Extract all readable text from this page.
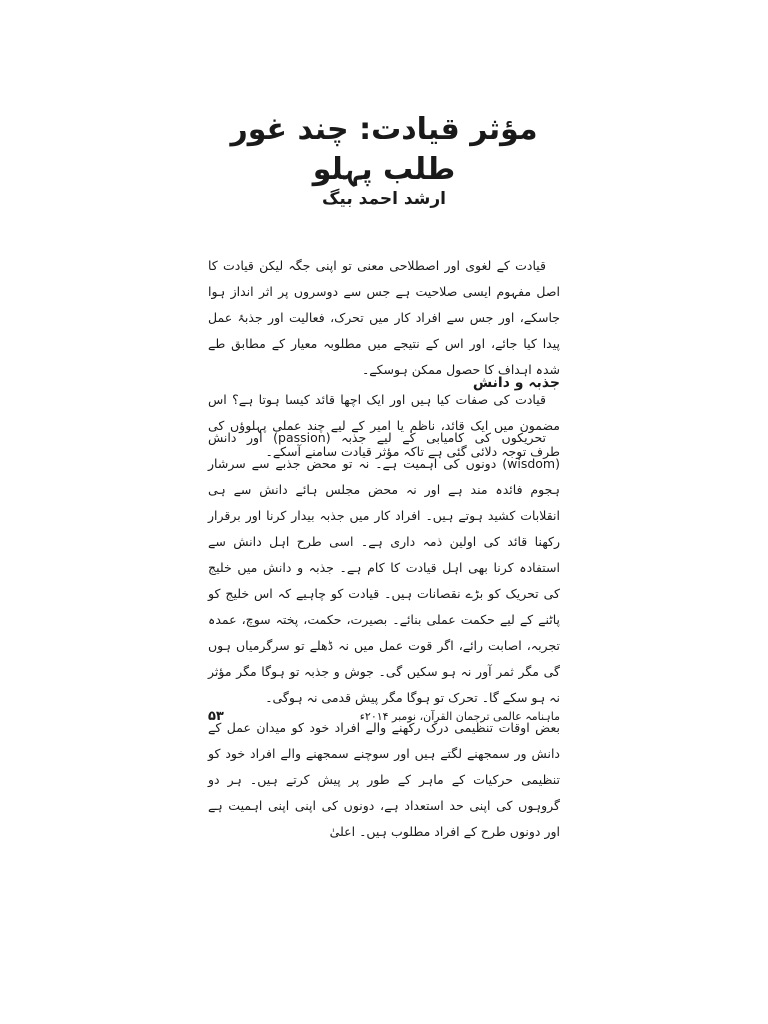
مؤثر قیادت: چند غور طلب پہلو
ارشد احمد بیگ

قیادت کے لغوی اور اصطلاحی معنی تو اپنی جگہ لیکن قیادت کا اصل مفہوم ایسی صلاحیت ہے جس سے دوسروں پر اثر انداز ہوا جاسکے، اور جس سے افراد کار میں تحرک، فعالیت اور جذبۂ عمل پیدا کیا جائے، اور اس کے نتیجے میں مطلوبہ معیار کے مطابق طے شدہ اہداف کا حصول ممکن ہوسکے۔

قیادت کی صفات کیا ہیں اور ایک اچھا قائد کیسا ہوتا ہے؟ اس مضمون میں ایک قائد، ناظم یا امیر کے لیے چند عملی پہلوؤں کی طرف توجہ دلائی گئی ہے تاکہ مؤثر قیادت سامنے آسکے۔

جذبہ و دانش

تحریکوں کی کامیابی کے لیے جذبہ (passion) اور دانش (wisdom) دونوں کی اہمیت ہے۔ نہ تو محض جذبے سے سرشار ہجوم فائدہ مند ہے اور نہ محض مجلس ہائے دانش سے ہی انقلابات کشید ہوتے ہیں۔ افراد کار میں جذبہ بیدار کرنا اور برقرار رکھنا قائد کی اولین ذمہ داری ہے۔ اسی طرح اہل دانش سے استفادہ کرنا بھی اہل قیادت کا کام ہے۔ جذبہ و دانش میں خلیج کی تحریک کو بڑے نقصانات ہیں۔ قیادت کو چاہیے کہ اس خلیج کو پاٹنے کے لیے حکمت عملی بنائے۔ بصیرت، حکمت، پختہ سوچ، عمدہ تجربہ، اصابت رائے، اگر قوت عمل میں نہ ڈھلے تو سرگرمیاں ہوں گی مگر ثمر آور نہ ہو سکیں گی۔ جوش و جذبہ تو ہوگا مگر مؤثر نہ ہو سکے گا۔ تحرک تو ہوگا مگر پیش قدمی نہ ہوگی۔

بعض اوقات تنظیمی درک رکھنے والے افراد خود کو میدان عمل کے دانش ور سمجھنے لگتے ہیں اور سوچنے سمجھنے والے افراد خود کو تنظیمی حرکیات کے ماہر کے طور پر پیش کرتے ہیں۔ ہر دو گروہوں کی اپنی حد استعداد ہے، دونوں کی اپنی اپنی اہمیت ہے اور دونوں طرح کے افراد مطلوب ہیں۔ اعلیٰ

۵۳	ماہنامہ عالمی ترجمان القرآن، نومبر ۲۰۱۴ء
